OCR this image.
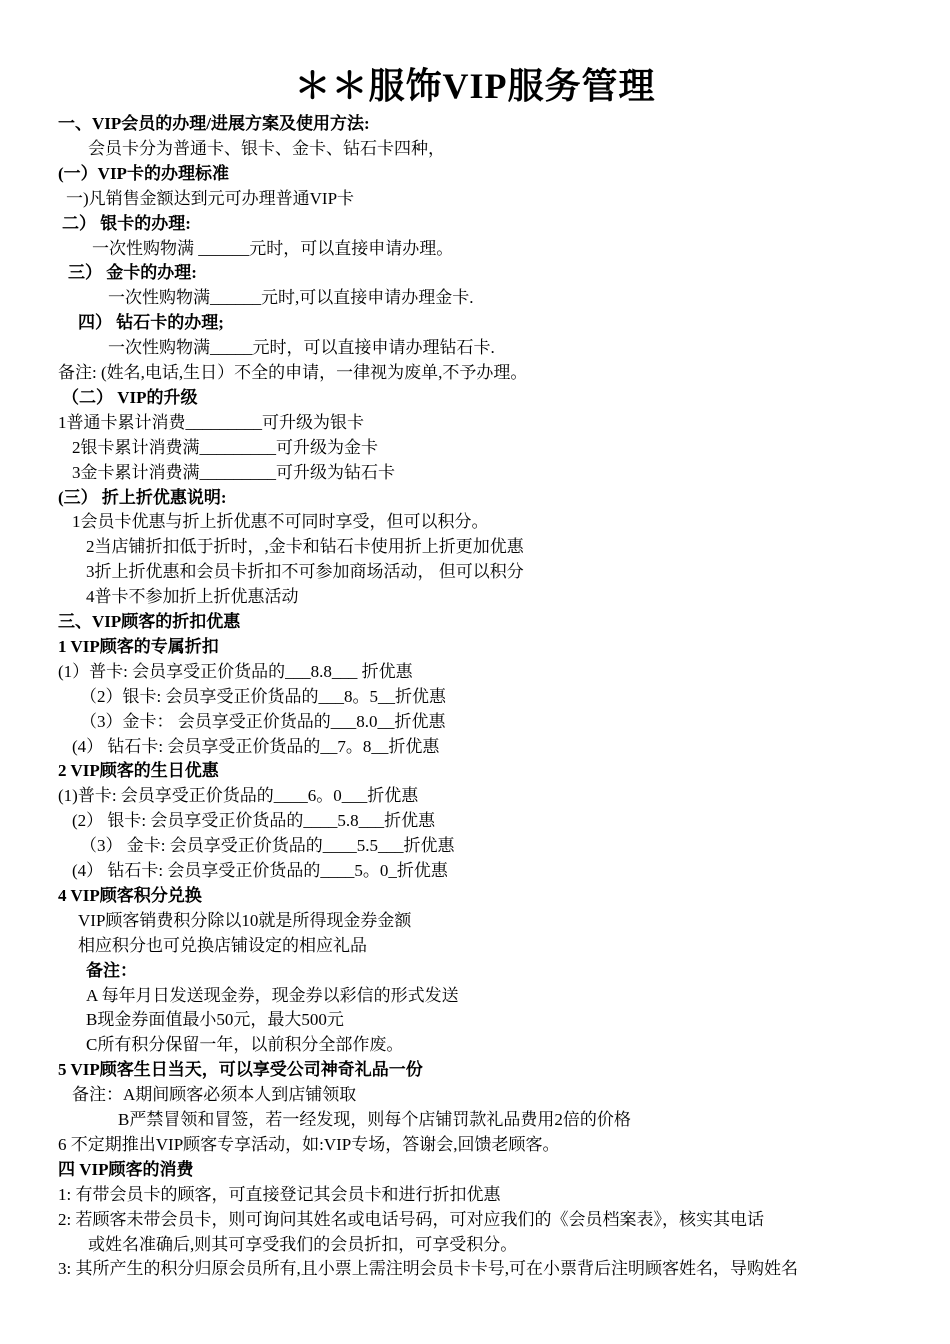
＊＊服饰VIP服务管理
一、VIP会员的办理/进展方案及使用方法:
会员卡分为普通卡、银卡、金卡、钻石卡四种，
(一）VIP卡的办理标准
一)凡销售金额达到元可办理普通VIP卡
二） 银卡的办理:
一次性购物满 ______元时，可以直接申请办理。
三） 金卡的办理:
一次性购物满______元时,可以直接申请办理金卡.
四） 钻石卡的办理;
一次性购物满_____元时，可以直接申请办理钻石卡.
备注: (姓名,电话,生日）不全的申请，一律视为废单,不予办理。
（二） VIP的升级
1普通卡累计消费_________可升级为银卡
2银卡累计消费满_________可升级为金卡
3金卡累计消费满_________可升级为钻石卡
(三） 折上折优惠说明:
1会员卡优惠与折上折优惠不可同时享受，但可以积分。
2当店铺折扣低于折时，,金卡和钻石卡使用折上折更加优惠
3折上折优惠和会员卡折扣不可参加商场活动， 但可以积分
4普卡不参加折上折优惠活动
三、VIP顾客的折扣优惠
1 VIP顾客的专属折扣
(1）普卡: 会员享受正价货品的___8.8___ 折优惠
（2）银卡: 会员享受正价货品的___8。5__折优惠
（3）金卡： 会员享受正价货品的___8.0__折优惠
(4） 钻石卡: 会员享受正价货品的__7。8__折优惠
2 VIP顾客的生日优惠
(1)普卡: 会员享受正价货品的____6。0___折优惠
(2） 银卡: 会员享受正价货品的____5.8___折优惠
（3） 金卡: 会员享受正价货品的____5.5___折优惠
(4） 钻石卡: 会员享受正价货品的____5。0_折优惠
4 VIP顾客积分兑换
VIP顾客销费积分除以10就是所得现金券金额
相应积分也可兑换店铺设定的相应礼品
备注：
A 每年月日发送现金券，现金券以彩信的形式发送
B现金券面值最小50元，最大500元
C所有积分保留一年，以前积分全部作废。
5 VIP顾客生日当天，可以享受公司神奇礼品一份
备注：A期间顾客必须本人到店铺领取
B严禁冒领和冒签，若一经发现，则每个店铺罚款礼品费用2倍的价格
6 不定期推出VIP顾客专享活动，如:VIP专场，答谢会,回馈老顾客。
四 VIP顾客的消费
1: 有带会员卡的顾客，可直接登记其会员卡和进行折扣优惠
2: 若顾客未带会员卡，则可询问其姓名或电话号码，可对应我们的《会员档案表》，核实其电话
或姓名准确后,则其可享受我们的会员折扣，可享受积分。
3: 其所产生的积分归原会员所有,且小票上需注明会员卡卡号,可在小票背后注明顾客姓名，导购姓名
